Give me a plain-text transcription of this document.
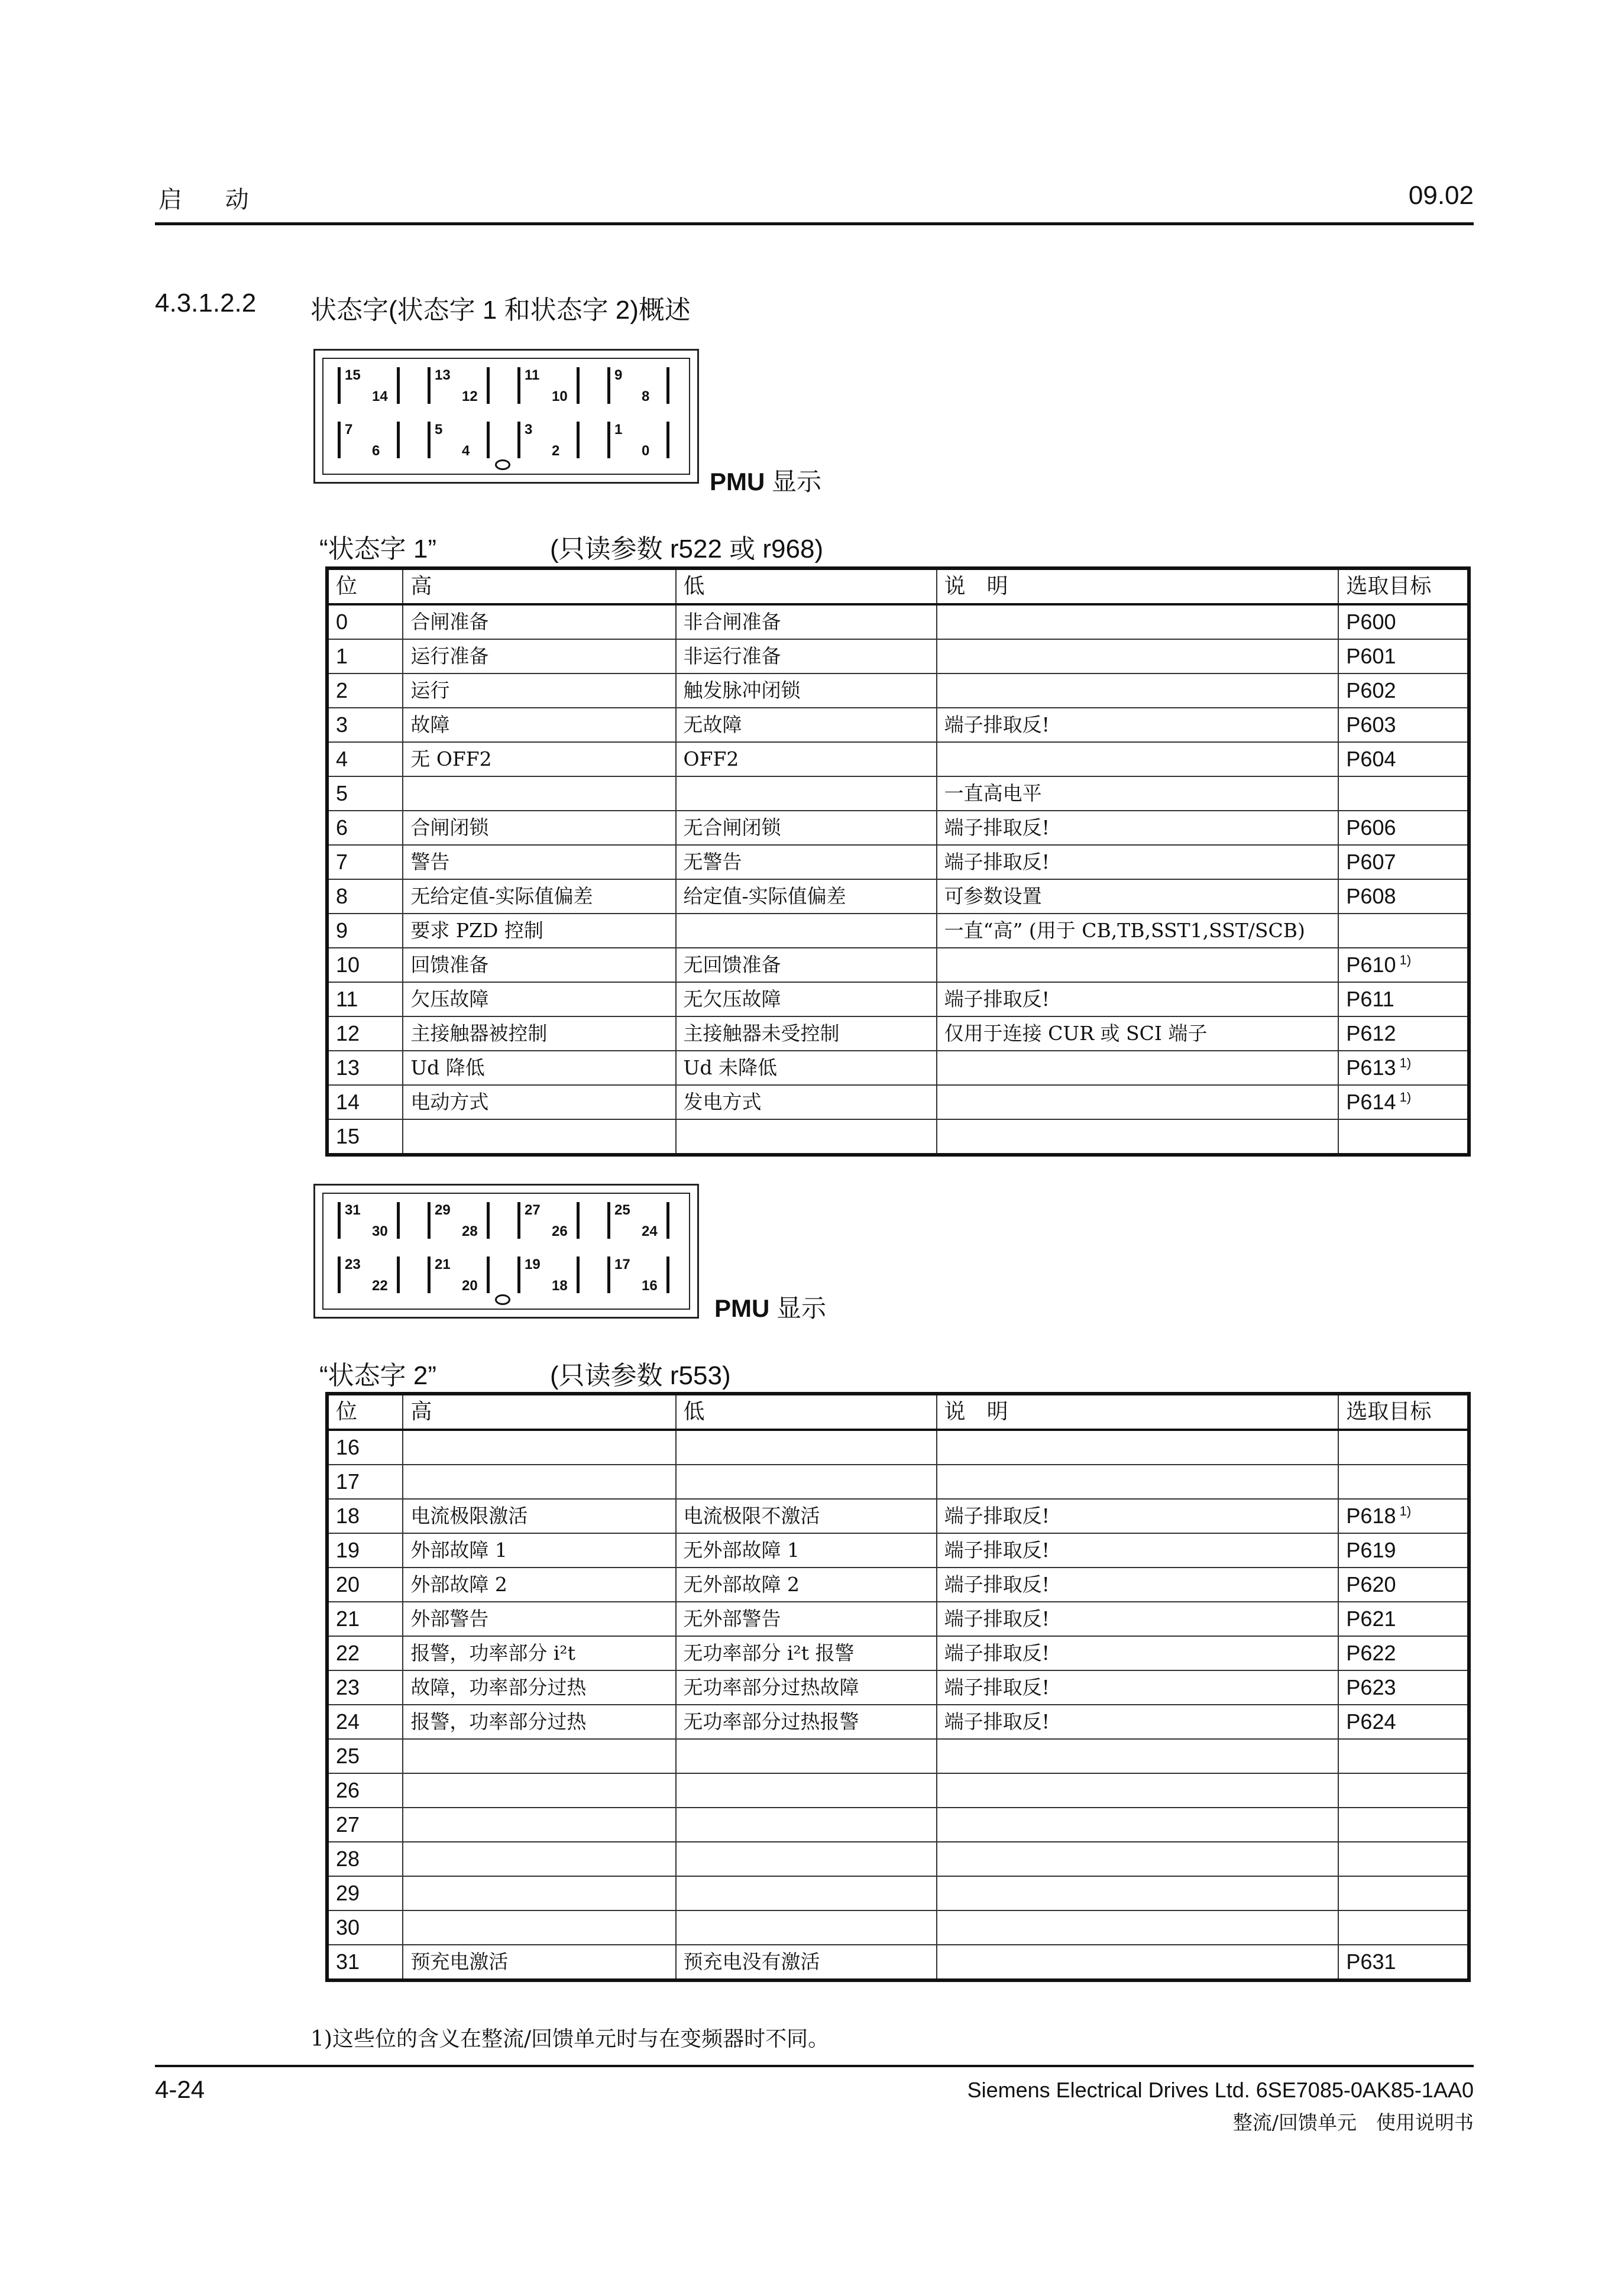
启 动	09.02
4.3.1.2.2 状态字(状态字 1 和状态字 2)概述
15
14
13
12
11
10
9
8
7
6
5
4
3
2
1
0
PMU 显示
“状态字 1”	(只读参数 r522 或 r968)
位	高	低	说　明	选取目标
0	合闸准备	非合闸准备		P600
1	运行准备	非运行准备		P601
2	运行	触发脉冲闭锁		P602
3	故障	无故障	端子排取反!	P603
4	无 OFF2	OFF2		P604
5			一直高电平	
6	合闸闭锁	无合闸闭锁	端子排取反!	P606
7	警告	无警告	端子排取反!	P607
8	无给定值-实际值偏差	给定值-实际值偏差	可参数设置	P608
9	要求 PZD 控制		一直“高” (用于 CB,TB,SST1,SST/SCB)	
10	回馈准备	无回馈准备		P610 $^{1)}$
11	欠压故障	无欠压故障	端子排取反!	P611
12	主接触器被控制	主接触器未受控制	仅用于连接 CUR 或 SCI 端子	P612
13	Ud 降低	Ud 未降低		P613 $^{1)}$
14	电动方式	发电方式		P614 $^{1)}$
15				
31
30
29
28
27
26
25
24
23
22
21
20
19
18
17
16
PMU 显示
“状态字 2”	(只读参数 r553)
位	高	低	说　明	选取目标
16				
17				
18	电流极限激活	电流极限不激活	端子排取反!	P618 $^{1)}$
19	外部故障 1	无外部故障 1	端子排取反!	P619
20	外部故障 2	无外部故障 2	端子排取反!	P620
21	外部警告	无外部警告	端子排取反!	P621
22	报警，功率部分 i²t	无功率部分 i²t 报警	端子排取反!	P622
23	故障，功率部分过热	无功率部分过热故障	端子排取反!	P623
24	报警，功率部分过热	无功率部分过热报警	端子排取反!	P624
25				
26				
27				
28				
29				
30				
31	预充电激活	预充电没有激活		P631
1)这些位的含义在整流/回馈单元时与在变频器时不同。
4-24	Siemens Electrical Drives Ltd. 6SE7085-0AK85-1AA0
整流/回馈单元　使用说明书
